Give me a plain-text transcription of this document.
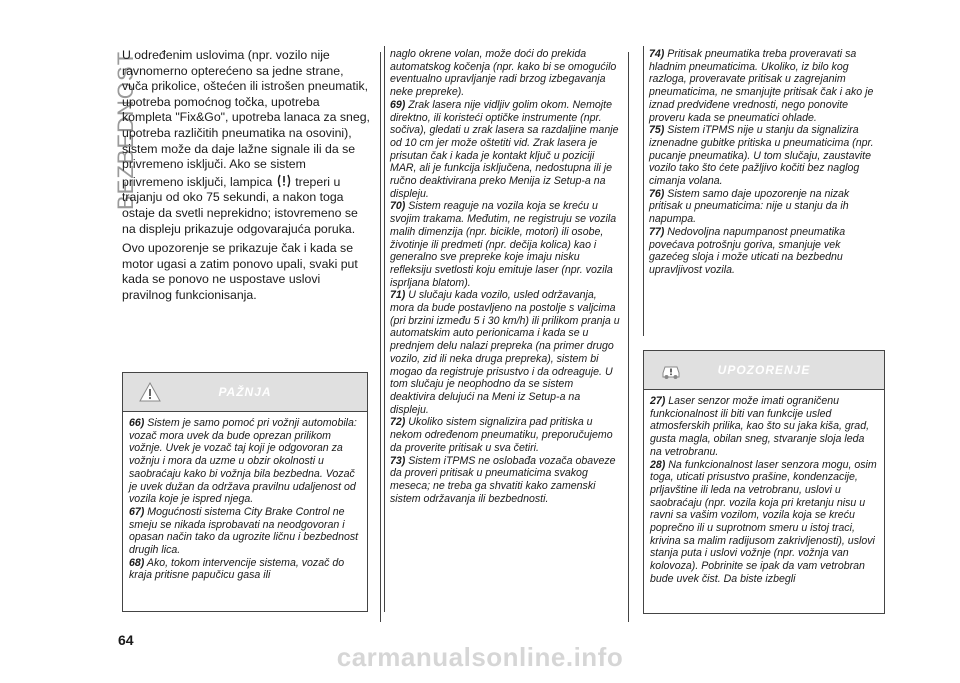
BEZBEDNOST

U određenim uslovima (npr. vozilo nije ravnomerno opterećeno sa jedne strane, vuča prikolice, oštećen ili istrošen pneumatik, upotreba pomoćnog točka, upotreba kompleta "Fix&Go", upotreba lanaca za sneg, upotreba različitih pneumatika na osovini), sistem može da daje lažne signale ili da se privremeno isključi. Ako se sistem privremeno isključi, lampica treperi u trajanju od oko 75 sekundi, a nakon toga ostaje da svetli neprekidno; istovremeno se na displeju prikazuje odgovarajuća poruka.

Ovo upozorenje se prikazuje čak i kada se motor ugasi a zatim ponovo upali, svaki put kada se ponovo ne uspostave uslovi pravilnog funkcionisanja.

PAŽNJA

66) Sistem je samo pomoć pri vožnji automobila: vozač mora uvek da bude oprezan prilikom vožnje. Uvek je vozač taj koji je odgovoran za vožnju i mora da uzme u obzir okolnosti u saobraćaju kako bi vožnja bila bezbedna. Vozač je uvek dužan da održava pravilnu udaljenost od vozila koje je ispred njega.

67) Mogućnosti sistema City Brake Control ne smeju se nikada isprobavati na neodgovoran i opasan način tako da ugrozite ličnu i bezbednost drugih lica.

68) Ako, tokom intervencije sistema, vozač do kraja pritisne papučicu gasa ili

naglo okrene volan, može doći do prekida automatskog kočenja (npr. kako bi se omogućilo eventualno upravljanje radi brzog izbegavanja neke prepreke).

69) Zrak lasera nije vidljiv golim okom. Nemojte direktno, ili koristeći optičke instrumente (npr. sočiva), gledati u zrak lasera sa razdaljine manje od 10 cm jer može oštetiti vid. Zrak lasera je prisutan čak i kada je kontakt ključ u poziciji MAR, ali je funkcija isključena, nedostupna ili je ručno deaktivirana preko Menija iz Setup-a na displeju.

70) Sistem reaguje na vozila koja se kreću u svojim trakama. Međutim, ne registruju se vozila malih dimenzija (npr. bicikle, motori) ili osobe, životinje ili predmeti (npr. dečija kolica) kao i generalno sve prepreke koje imaju nisku refleksiju svetlosti koju emituje laser (npr. vozila isprljana blatom).

71) U slučaju kada vozilo, usled održavanja, mora da bude postavljeno na postolje s valjcima (pri brzini između 5 i 30 km/h) ili prilikom pranja u automatskim auto perionicama i kada se u prednjem delu nalazi prepreka (na primer drugo vozilo, zid ili neka druga prepreka), sistem bi mogao da registruje prisustvo i da odreaguje. U tom slučaju je neophodno da se sistem deaktivira delujući na Meni iz Setup-a na displeju.

72) Ukoliko sistem signalizira pad pritiska u nekom određenom pneumatiku, preporučujemo da proverite pritisak u sva četiri.

73) Sistem iTPMS ne oslobađa vozača obaveze da proveri pritisak u pneumaticima svakog meseca; ne treba ga shvatiti kako zamenski sistem održavanja ili bezbednosti.

74) Pritisak pneumatika treba proveravati sa hladnim pneumaticima. Ukoliko, iz bilo kog razloga, proveravate pritisak u zagrejanim pneumaticima, ne smanjujte pritisak čak i ako je iznad predviđene vrednosti, nego ponovite proveru kada se pneumatici ohlade.

75) Sistem iTPMS nije u stanju da signalizira iznenadne gubitke pritiska u pneumaticima (npr. pucanje pneumatika). U tom slučaju, zaustavite vozilo tako što ćete pažljivo kočiti bez naglog cimanja volana.

76) Sistem samo daje upozorenje na nizak pritisak u pneumaticima: nije u stanju da ih napumpa.

77) Nedovoljna napumpanost pneumatika povećava potrošnju goriva, smanjuje vek gazećeg sloja i može uticati na bezbednu upravljivost vozila.

UPOZORENJE

27) Laser senzor može imati ograničenu funkcionalnost ili biti van funkcije usled atmosferskih prilika, kao što su jaka kiša, grad, gusta magla, obilan sneg, stvaranje sloja leda na vetrobranu.

28) Na funkcionalnost laser senzora mogu, osim toga, uticati prisustvo prašine, kondenzacije, prljavštine ili leda na vetrobranu, uslovi u saobraćaju (npr. vozila koja pri kretanju nisu u ravni sa vašim vozilom, vozila koja se kreću poprečno ili u suprotnom smeru u istoj traci, krivina sa malim radijusom zakrivljenosti), uslovi stanja puta i uslovi vožnje (npr. vožnja van kolovoza). Pobrinite se ipak da vam vetrobran bude uvek čist. Da biste izbegli

64
carmanualsonline.info
